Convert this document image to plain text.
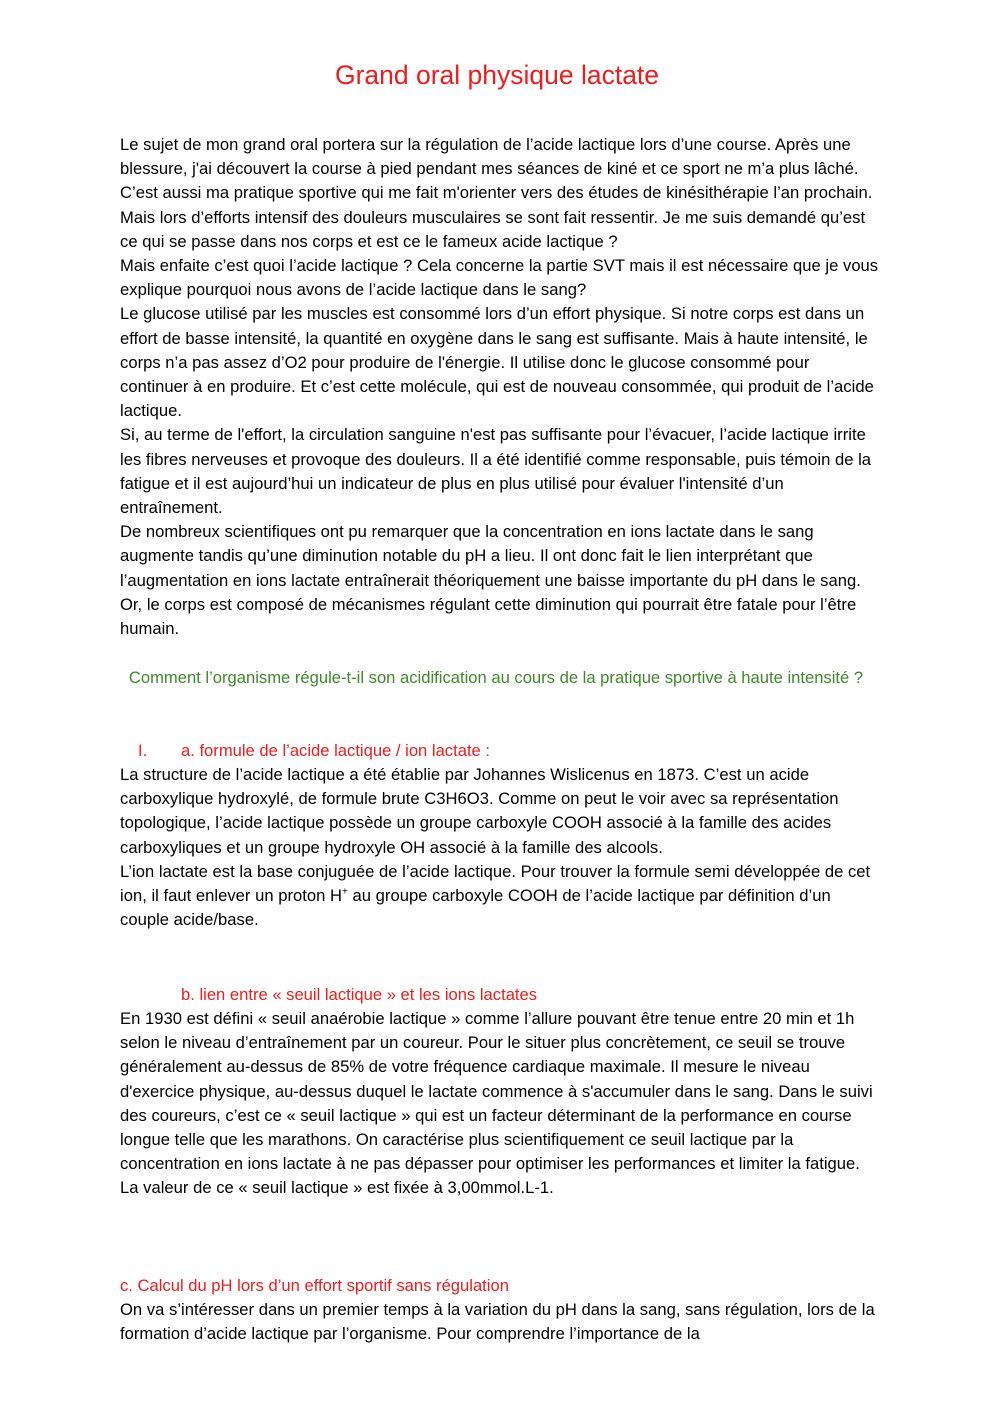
Grand oral physique lactate

Le sujet de mon grand oral portera sur la régulation de l’acide lactique lors d’une course. Après une blessure, j'ai découvert la course à pied pendant mes séances de kiné et ce sport ne m’a plus lâché. C’est aussi ma pratique sportive qui me fait m'orienter vers des études de kinésithérapie l’an prochain. Mais lors d’efforts intensif des douleurs musculaires se sont fait ressentir. Je me suis demandé qu’est ce qui se passe dans nos corps et est ce le fameux acide lactique ?

Mais enfaite c’est quoi l’acide lactique ? Cela concerne la partie SVT mais il est nécessaire que je vous explique pourquoi nous avons de l’acide lactique dans le sang?

Le glucose utilisé par les muscles est consommé lors d’un effort physique. Si notre corps est dans un effort de basse intensité, la quantité en oxygène dans le sang est suffisante. Mais à haute intensité, le corps n’a pas assez d’O2 pour produire de l'énergie. Il utilise donc le glucose consommé pour continuer à en produire. Et c’est cette molécule, qui est de nouveau consommée, qui produit de l’acide lactique.

Si, au terme de l'effort, la circulation sanguine n'est pas suffisante pour l’évacuer, l’acide lactique irrite les fibres nerveuses et provoque des douleurs. Il a été identifié comme responsable, puis témoin de la fatigue et il est aujourd’hui un indicateur de plus en plus utilisé pour évaluer l'intensité d’un entraînement.

De nombreux scientifiques ont pu remarquer que la concentration en ions lactate dans le sang augmente tandis qu’une diminution notable du pH a lieu. Il ont donc fait le lien interprétant que l’augmentation en ions lactate entraînerait théoriquement une baisse importante du pH dans le sang. Or, le corps est composé de mécanismes régulant cette diminution qui pourrait être fatale pour l’être humain.

Comment l’organisme régule-t-il son acidification au cours de la pratique sportive à haute intensité ?
I. a. formule de l’acide lactique / ion lactate :

La structure de l’acide lactique a été établie par Johannes Wislicenus en 1873. C’est un acide carboxylique hydroxylé, de formule brute C3H6O3. Comme on peut le voir avec sa représentation topologique, l’acide lactique possède un groupe carboxyle COOH associé à la famille des acides carboxyliques et un groupe hydroxyle OH associé à la famille des alcools.

L’ion lactate est la base conjuguée de l’acide lactique. Pour trouver la formule semi développée de cet ion, il faut enlever un proton H+ au groupe carboxyle COOH de l’acide lactique par définition d’un couple acide/base.

b. lien entre « seuil lactique » et les ions lactates

En 1930 est défini « seuil anaérobie lactique » comme l’allure pouvant être tenue entre 20 min et 1h selon le niveau d’entraînement par un coureur. Pour le situer plus concrètement, ce seuil se trouve généralement au-dessus de 85% de votre fréquence cardiaque maximale. Il mesure le niveau d'exercice physique, au-dessus duquel le lactate commence à s'accumuler dans le sang. Dans le suivi des coureurs, c’est ce « seuil lactique » qui est un facteur déterminant de la performance en course longue telle que les marathons. On caractérise plus scientifiquement ce seuil lactique par la concentration en ions lactate à ne pas dépasser pour optimiser les performances et limiter la fatigue. La valeur de ce « seuil lactique » est fixée à 3,00mmol.L-1.

c. Calcul du pH lors d’un effort sportif sans régulation

On va s’intéresser dans un premier temps à la variation du pH dans la sang, sans régulation, lors de la formation d’acide lactique par l’organisme. Pour comprendre l’importance de la
